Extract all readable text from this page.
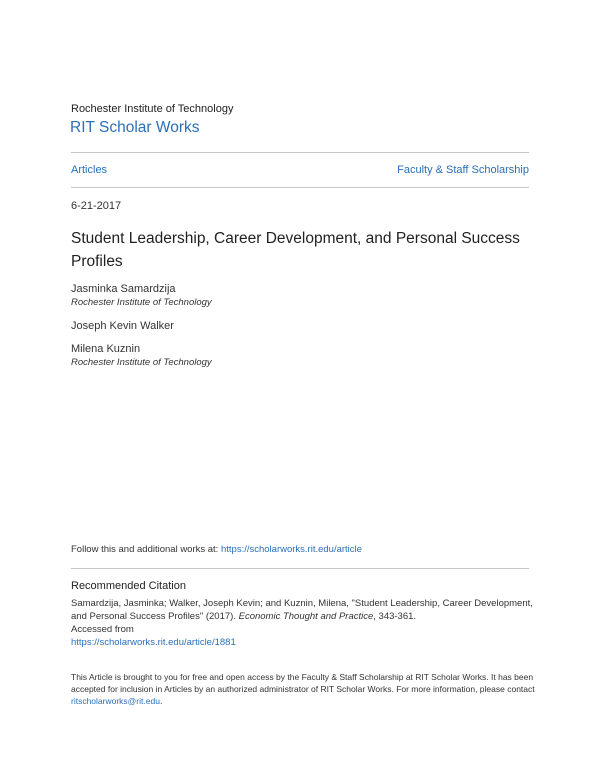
Rochester Institute of Technology
RIT Scholar Works
Articles	Faculty & Staff Scholarship
6-21-2017
Student Leadership, Career Development, and Personal Success Profiles
Jasminka Samardzija
Rochester Institute of Technology
Joseph Kevin Walker
Milena Kuznin
Rochester Institute of Technology
Follow this and additional works at: https://scholarworks.rit.edu/article
Recommended Citation
Samardzija, Jasminka; Walker, Joseph Kevin; and Kuznin, Milena, "Student Leadership, Career Development, and Personal Success Profiles" (2017). Economic Thought and Practice, 343-361.
Accessed from
https://scholarworks.rit.edu/article/1881
This Article is brought to you for free and open access by the Faculty & Staff Scholarship at RIT Scholar Works. It has been accepted for inclusion in Articles by an authorized administrator of RIT Scholar Works. For more information, please contact ritscholarworks@rit.edu.
